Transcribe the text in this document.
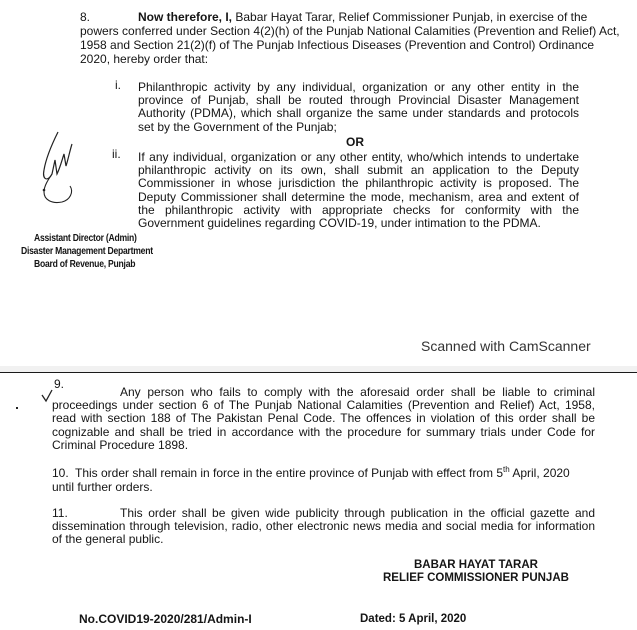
8.	Now therefore, I, Babar Hayat Tarar, Relief Commissioner Punjab, in exercise of the
powers conferred under Section 4(2)(h) of the Punjab National Calamities (Prevention and Relief) Act,
1958 and Section 21(2)(f) of The Punjab Infectious Diseases (Prevention and Control) Ordinance
2020, hereby order that:
i. Philanthropic activity by any individual, organization or any other entity in the province of Punjab, shall be routed through Provincial Disaster Management Authority (PDMA), which shall organize the same under standards and protocols set by the Government of the Punjab;
OR
ii. If any individual, organization or any other entity, who/which intends to undertake philanthropic activity on its own, shall submit an application to the Deputy Commissioner in whose jurisdiction the philanthropic activity is proposed. The Deputy Commissioner shall determine the mode, mechanism, area and extent of the philanthropic activity with appropriate checks for conformity with the Government guidelines regarding COVID-19, under intimation to the PDMA.
Assistant Director (Admin)
Disaster Management Department
Board of Revenue, Punjab
Scanned with CamScanner
9.
Any person who fails to comply with the aforesaid order shall be liable to criminal proceedings under section 6 of The Punjab National Calamities (Prevention and Relief) Act, 1958, read with section 188 of The Pakistan Penal Code. The offences in violation of this order shall be cognizable and shall be tried in accordance with the procedure for summary trials under Code for Criminal Procedure 1898.
10. This order shall remain in force in the entire province of Punjab with effect from 5th April, 2020
until further orders.
11.	This order shall be given wide publicity through publication in the official gazette and dissemination through television, radio, other electronic news media and social media for information of the general public.
BABAR HAYAT TARAR
RELIEF COMMISSIONER PUNJAB
No.COVID19-2020/281/Admin-I	Dated: 5 April, 2020
